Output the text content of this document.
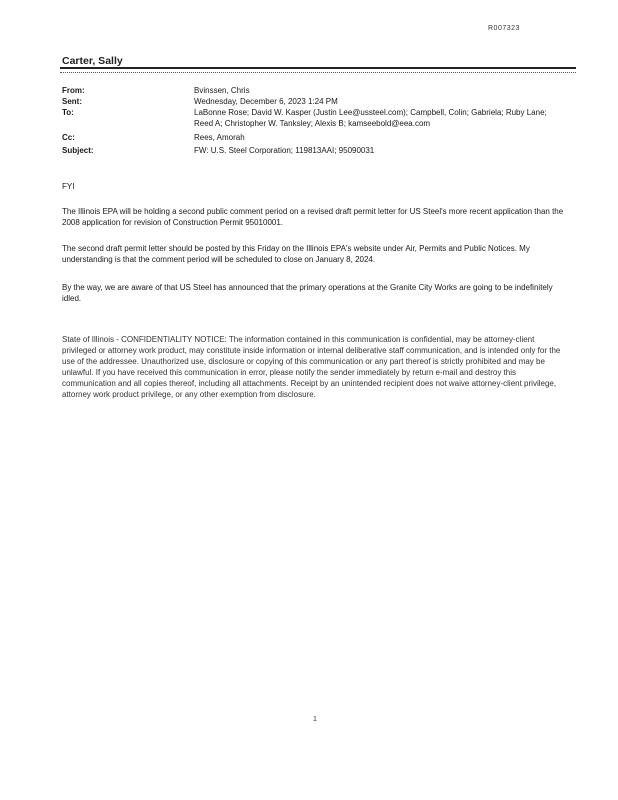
R007323
Carter, Sally
From:	Bvinssen, Chris
Sent:	Wednesday, December 6, 2023 1:24 PM
To:	LaBonne Rose; David W. Kasper (Justin Lee@ussteel.com); Campbell, Colin; Gabriela; Ruby Lane; Reed A; Christopher W. Tanksley; Alexis B; kamseebold@eea.com
Cc:	Rees, Amorah
Subject:	FW: U.S. Steel Corporation; 119813AAI; 95090031

FYI

The Illinois EPA will be holding a second public comment period on a revised draft permit letter for US Steel's more recent application than the 2008 application for revision of Construction Permit 95010001.

The second draft permit letter should be posted by this Friday on the Illinois EPA's website under Air, Permits and Public Notices. My understanding is that the comment period will be scheduled to close on January 8, 2024.

By the way, we are aware of that US Steel has announced that the primary operations at the Granite City Works are going to be indefinitely idled.

State of Illinois - CONFIDENTIALITY NOTICE: The information contained in this communication is confidential, may be attorney-client privileged or attorney work product, may constitute inside information or internal deliberative staff communication, and is intended only for the use of the addressee. Unauthorized use, disclosure or copying of this communication or any part thereof is strictly prohibited and may be unlawful. If you have received this communication in error, please notify the sender immediately by return e-mail and destroy this communication and all copies thereof, including all attachments. Receipt by an unintended recipient does not waive attorney-client privilege, attorney work product privilege, or any other exemption from disclosure.

1
